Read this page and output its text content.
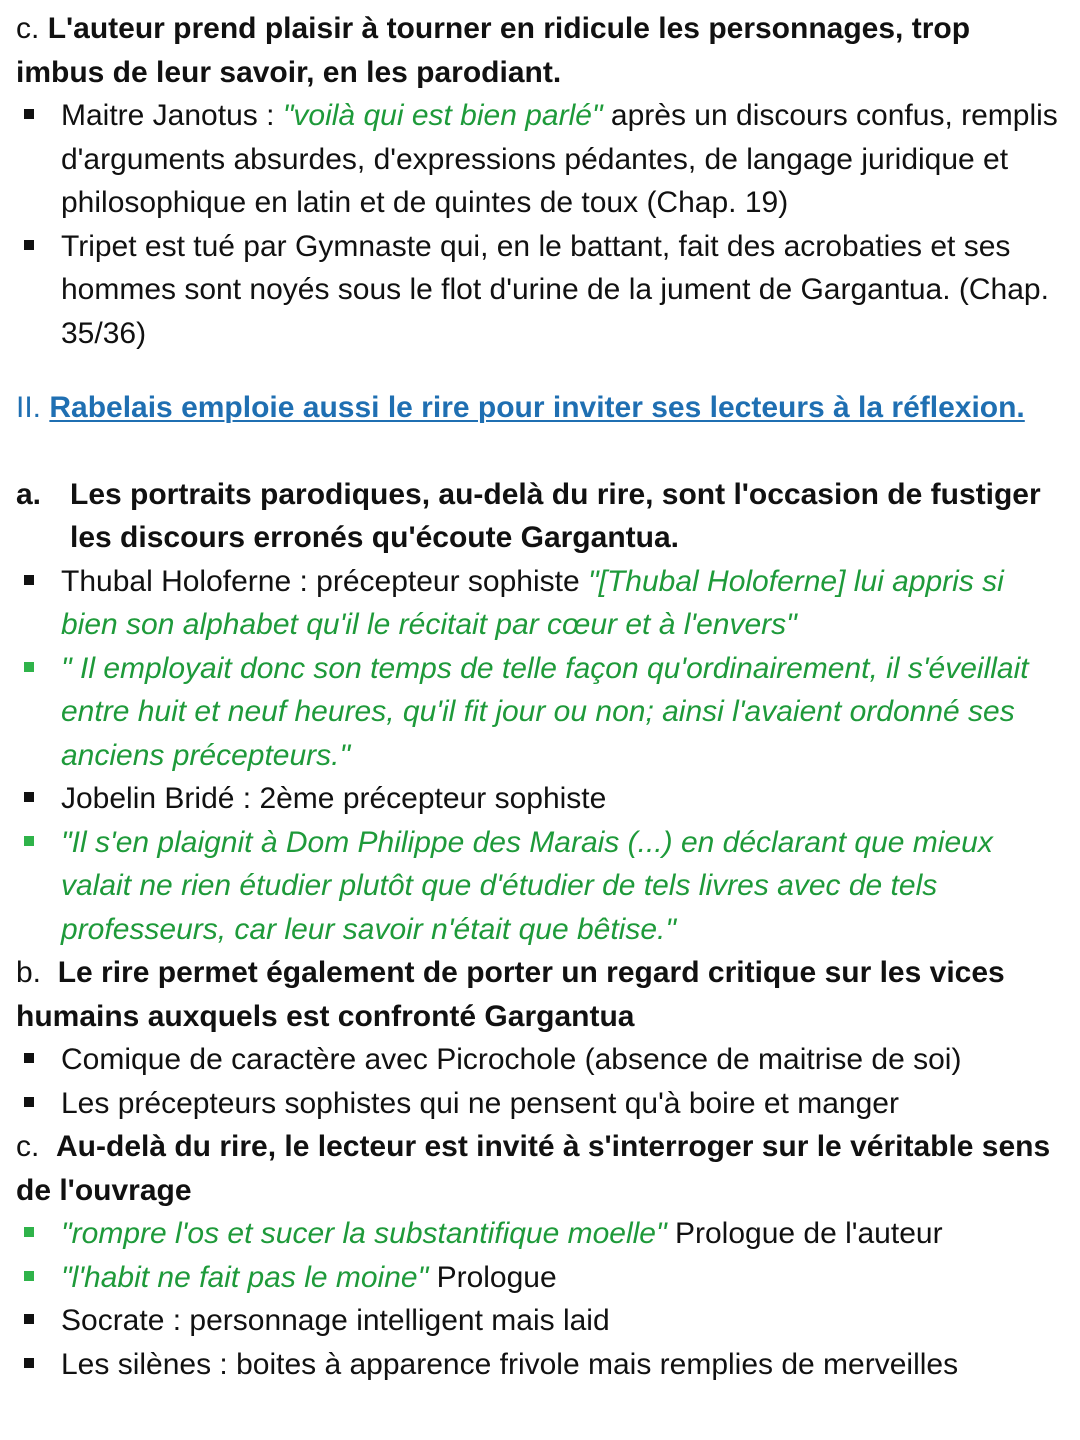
c. L'auteur prend plaisir à tourner en ridicule les personnages, trop imbus de leur savoir, en les parodiant.

Maitre Janotus : "voilà qui est bien parlé" après un discours confus, remplis d'arguments absurdes, d'expressions pédantes, de langage juridique et philosophique en latin et de quintes de toux (Chap. 19)
Tripet est tué par Gymnaste qui, en le battant, fait des acrobaties et ses hommes sont noyés sous le flot d'urine de la jument de Gargantua. (Chap. 35/36)

II. Rabelais emploie aussi le rire pour inviter ses lecteurs à la réflexion.

a. Les portraits parodiques, au-delà du rire, sont l'occasion de fustiger les discours erronés qu'écoute Gargantua.
Thubal Holoferne : précepteur sophiste "[Thubal Holoferne] lui appris si bien son alphabet qu'il le récitait par cœur et à l'envers"
" Il employait donc son temps de telle façon qu'ordinairement, il s'éveillait entre huit et neuf heures, qu'il fit jour ou non; ainsi l'avaient ordonné ses anciens précepteurs."
Jobelin Bridé : 2ème précepteur sophiste
"Il s'en plaignit à Dom Philippe des Marais (...) en déclarant que mieux valait ne rien étudier plutôt que d'étudier de tels livres avec de tels professeurs, car leur savoir n'était que bêtise."

b. Le rire permet également de porter un regard critique sur les vices humains auxquels est confronté Gargantua

Comique de caractère avec Picrochole (absence de maitrise de soi)
Les précepteurs sophistes qui ne pensent qu'à boire et manger

c. Au-delà du rire, le lecteur est invité à s'interroger sur le véritable sens de l'ouvrage

"rompre l'os et sucer la substantifique moelle" Prologue de l'auteur
"l'habit ne fait pas le moine" Prologue
Socrate : personnage intelligent mais laid
Les silènes : boites à apparence frivole mais remplies de merveilles
